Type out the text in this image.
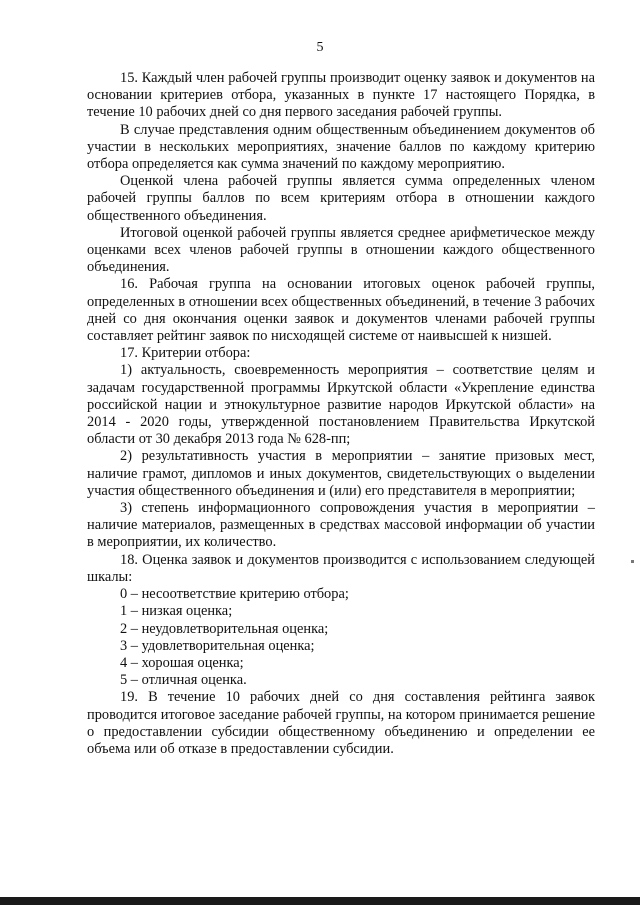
5

15. Каждый член рабочей группы производит оценку заявок и документов на основании критериев отбора, указанных в пункте 17 настоящего Порядка, в течение 10 рабочих дней со дня первого заседания рабочей группы.

В случае представления одним общественным объединением документов об участии в нескольких мероприятиях, значение баллов по каждому критерию отбора определяется как сумма значений по каждому мероприятию.

Оценкой члена рабочей группы является сумма определенных членом рабочей группы баллов по всем критериям отбора в отношении каждого общественного объединения.

Итоговой оценкой рабочей группы является среднее арифметическое между оценками всех членов рабочей группы в отношении каждого общественного объединения.

16. Рабочая группа на основании итоговых оценок рабочей группы, определенных в отношении всех общественных объединений, в течение 3 рабочих дней со дня окончания оценки заявок и документов членами рабочей группы составляет рейтинг заявок по нисходящей системе от наивысшей к низшей.

17. Критерии отбора:

1) актуальность, своевременность мероприятия – соответствие целям и задачам государственной программы Иркутской области «Укрепление единства российской нации и этнокультурное развитие народов Иркутской области» на 2014 - 2020 годы, утвержденной постановлением Правительства Иркутской области от 30 декабря 2013 года № 628-пп;

2) результативность участия в мероприятии – занятие призовых мест, наличие грамот, дипломов и иных документов, свидетельствующих о выделении участия общественного объединения и (или) его представителя в мероприятии;

3) степень информационного сопровождения участия в мероприятии – наличие материалов, размещенных в средствах массовой информации об участии в мероприятии, их количество.

18. Оценка заявок и документов производится с использованием следующей шкалы:

0 – несоответствие критерию отбора;

1 – низкая оценка;

2 – неудовлетворительная оценка;

3 – удовлетворительная оценка;

4 – хорошая оценка;

5 – отличная оценка.

19. В течение 10 рабочих дней со дня составления рейтинга заявок проводится итоговое заседание рабочей группы, на котором принимается решение о предоставлении субсидии общественному объединению и определении ее объема или об отказе в предоставлении субсидии.
